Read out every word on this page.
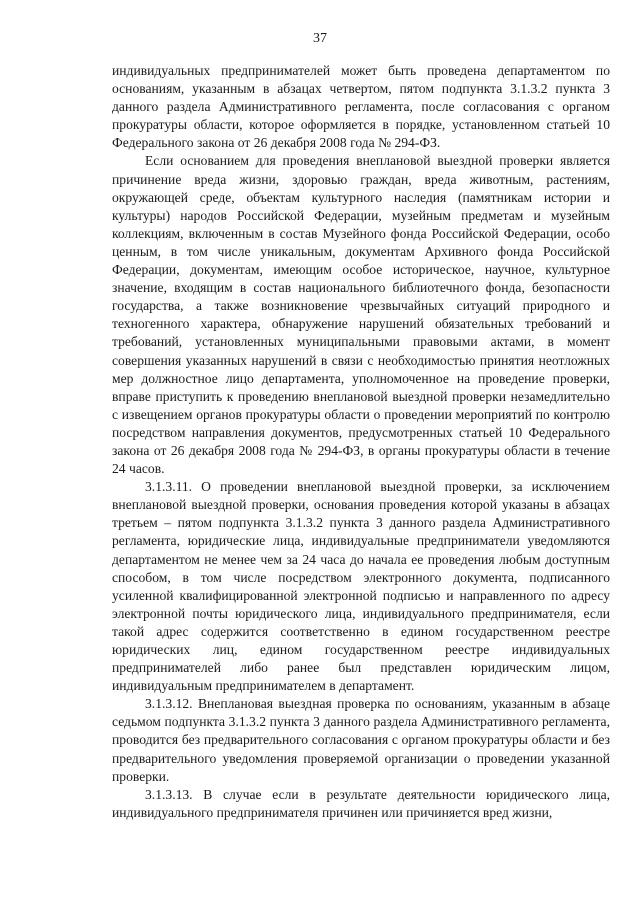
37

индивидуальных предпринимателей может быть проведена департаментом по основаниям, указанным в абзацах четвертом, пятом подпункта 3.1.3.2 пункта 3 данного раздела Административного регламента, после согласования с органом прокуратуры области, которое оформляется в порядке, установленном статьей 10 Федерального закона от 26 декабря 2008 года № 294-ФЗ.

Если основанием для проведения внеплановой выездной проверки является причинение вреда жизни, здоровью граждан, вреда животным, растениям, окружающей среде, объектам культурного наследия (памятникам истории и культуры) народов Российской Федерации, музейным предметам и музейным коллекциям, включенным в состав Музейного фонда Российской Федерации, особо ценным, в том числе уникальным, документам Архивного фонда Российской Федерации, документам, имеющим особое историческое, научное, культурное значение, входящим в состав национального библиотечного фонда, безопасности государства, а также возникновение чрезвычайных ситуаций природного и техногенного характера, обнаружение нарушений обязательных требований и требований, установленных муниципальными правовыми актами, в момент совершения указанных нарушений в связи с необходимостью принятия неотложных мер должностное лицо департамента, уполномоченное на проведение проверки, вправе приступить к проведению внеплановой выездной проверки незамедлительно с извещением органов прокуратуры области о проведении мероприятий по контролю посредством направления документов, предусмотренных статьей 10 Федерального закона от 26 декабря 2008 года № 294-ФЗ, в органы прокуратуры области в течение 24 часов.

3.1.3.11. О проведении внеплановой выездной проверки, за исключением внеплановой выездной проверки, основания проведения которой указаны в абзацах третьем – пятом подпункта 3.1.3.2 пункта 3 данного раздела Административного регламента, юридические лица, индивидуальные предприниматели уведомляются департаментом не менее чем за 24 часа до начала ее проведения любым доступным способом, в том числе посредством электронного документа, подписанного усиленной квалифицированной электронной подписью и направленного по адресу электронной почты юридического лица, индивидуального предпринимателя, если такой адрес содержится соответственно в едином государственном реестре юридических лиц, едином государственном реестре индивидуальных предпринимателей либо ранее был представлен юридическим лицом, индивидуальным предпринимателем в департамент.

3.1.3.12. Внеплановая выездная проверка по основаниям, указанным в абзаце седьмом подпункта 3.1.3.2 пункта 3 данного раздела Административного регламента, проводится без предварительного согласования с органом прокуратуры области и без предварительного уведомления проверяемой организации о проведении указанной проверки.

3.1.3.13. В случае если в результате деятельности юридического лица, индивидуального предпринимателя причинен или причиняется вред жизни,
